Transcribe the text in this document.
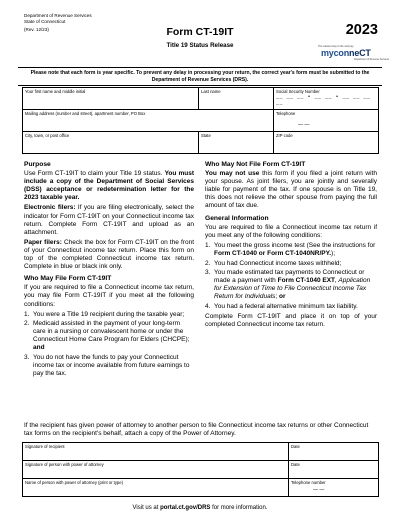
Department of Revenue Services
State of Connecticut
(Rev. 12/23)	Form CT-19IT
Title 19 Status Release
2023
The easiest way to file and pay
myconneCT
Department of Revenue Services
Please note that each form is year specific. To prevent any delay in processing your return, the correct year's form must be submitted to the Department of Revenue Services (DRS).
Your first name and middle initial	Last name	Social Security Number
__ __ __ • __ __ • __ __ __ __

Mailing address (number and street), apartment number, PO Box		Telephone
— —

City, town, or post office	State	ZIP code
Purpose

Use Form CT-19IT to claim your Title 19 status. You must include a copy of the Department of Social Services (DSS) acceptance or redetermination letter for the 2023 taxable year.

Electronic filers: If you are filing electronically, select the indicator for Form CT-19IT on your Connecticut income tax return. Complete Form CT-19IT and upload as an attachment.

Paper filers: Check the box for Form CT-19IT on the front of your Connecticut income tax return. Place this form on top of the completed Connecticut income tax return. Complete in blue or black ink only.

Who May File Form CT-19IT

If you are required to file a Connecticut income tax return, you may file Form CT-19IT if you meet all the following conditions:

1. You were a Title 19 recipient during the taxable year;
2. Medicaid assisted in the payment of your long-term care in a nursing or convalescent home or under the Connecticut Home Care Program for Elders (CHCPE); and
3. You do not have the funds to pay your Connecticut income tax or income available from future earnings to pay the tax.
Who May Not File Form CT-19IT

You may not use this form if you filed a joint return with your spouse. As joint filers, you are jointly and severally liable for payment of the tax. If one spouse is on Title 19, this does not relieve the other spouse from paying the full amount of tax due.

General Information

You are required to file a Connecticut income tax return if you meet any of the following conditions:

1. You meet the gross income test (See the instructions for Form CT-1040 or Form CT-1040NR/PY.);
2. You had Connecticut income taxes withheld;
3. You made estimated tax payments to Connecticut or made a payment with Form CT-1040 EXT, Application for Extension of Time to File Connecticut Income Tax Return for Individuals; or
4. You had a federal alternative minimum tax liability.

Complete Form CT-19IT and place it on top of your completed Connecticut income tax return.

If the recipient has given power of attorney to another person to file Connecticut income tax returns or other Connecticut tax forms on the recipient's behalf, attach a copy of the Power of Attorney.
Signature of recipient	Date
Signature of person with power of attorney	Date
Name of person with power of attorney (print or type)	Telephone number
— —
Visit us at portal.ct.gov/DRS for more information.
